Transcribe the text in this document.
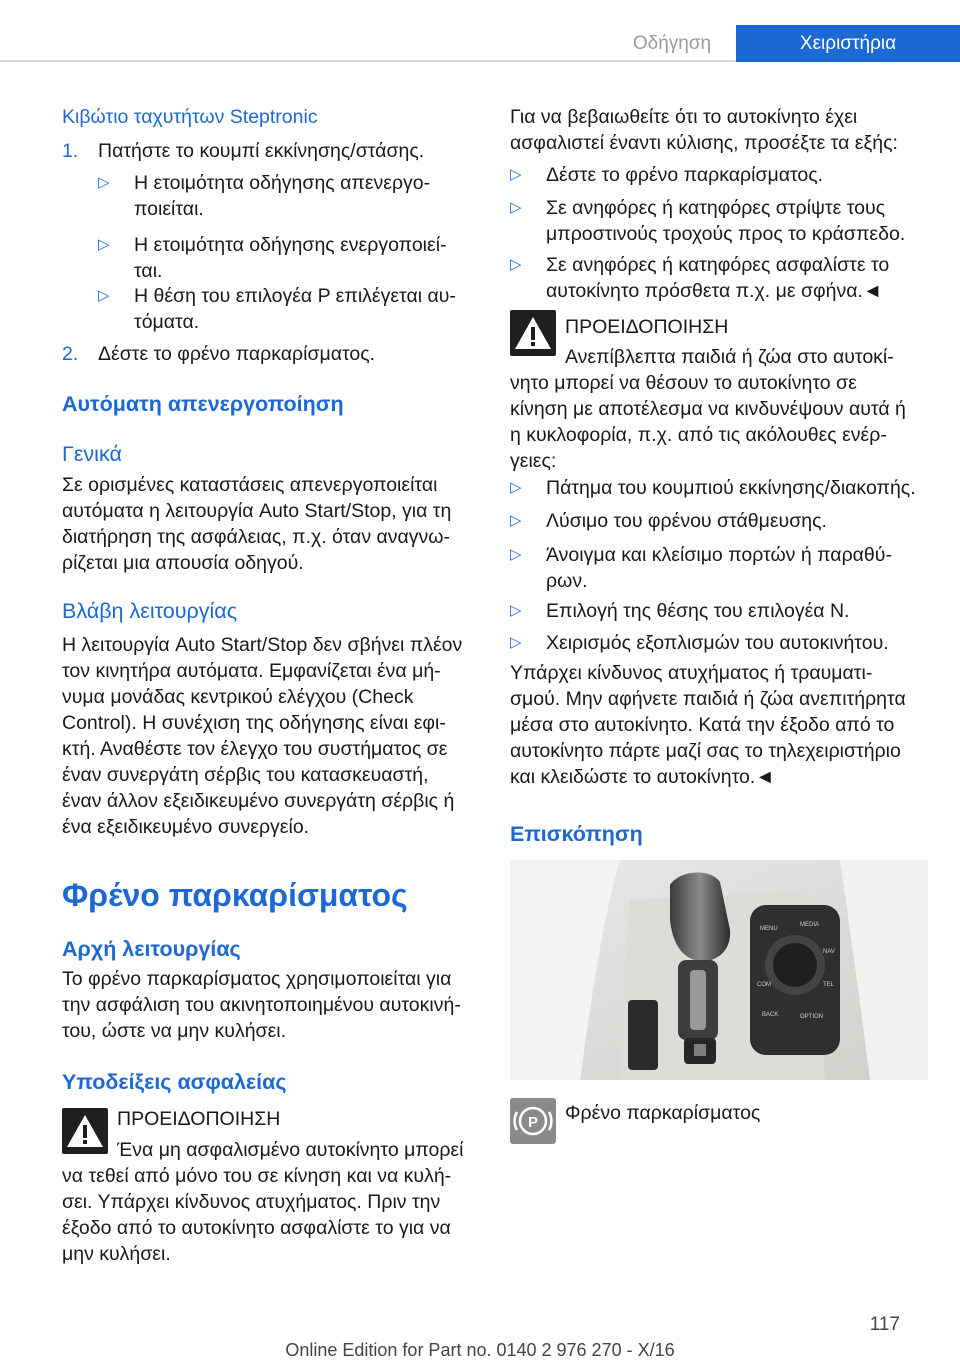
Οδήγηση	Χειριστήρια

Κιβώτιο ταχυτήτων Steptronic

1.	Πατήστε το κουμπί εκκίνησης/στάσης.

▷	Η ετοιμότητα οδήγησης απενεργο‐

ποιείται.

▷	Η ετοιμότητα οδήγησης ενεργοποιεί‐

ται.

▷	Η θέση του επιλογέα P επιλέγεται αυ‐

τόματα.

2.	Δέστε το φρένο παρκαρίσματος.

Αυτόματη απενεργοποίηση

Γενικά

Σε ορισμένες καταστάσεις απενεργοποιείται

αυτόματα η λειτουργία Auto Start/Stop, για τη

διατήρηση της ασφάλειας, π.χ. όταν αναγνω‐

ρίζεται μια απουσία οδηγού.

Βλάβη λειτουργίας

Η λειτουργία Auto Start/Stop δεν σβήνει πλέον

τον κινητήρα αυτόματα. Εμφανίζεται ένα μή‐

νυμα μονάδας κεντρικού ελέγχου (Check

Control). Η συνέχιση της οδήγησης είναι εφι‐

κτή. Αναθέστε τον έλεγχο του συστήματος σε

έναν συνεργάτη σέρβις του κατασκευαστή,

έναν άλλον εξειδικευμένο συνεργάτη σέρβις ή

ένα εξειδικευμένο συνεργείο.

Φρένο παρκαρίσματος

Αρχή λειτουργίας

Το φρένο παρκαρίσματος χρησιμοποιείται για

την ασφάλιση του ακινητοποιημένου αυτοκινή‐

του, ώστε να μην κυλήσει.

Υποδείξεις ασφαλείας

ΠΡΟΕΙΔΟΠΟΙΗΣΗ

Ένα μη ασφαλισμένο αυτοκίνητο μπορεί

να τεθεί από μόνο του σε κίνηση και να κυλή‐

σει. Υπάρχει κίνδυνος ατυχήματος. Πριν την

έξοδο από το αυτοκίνητο ασφαλίστε το για να

μην κυλήσει.

Για να βεβαιωθείτε ότι το αυτοκίνητο έχει

ασφαλιστεί έναντι κύλισης, προσέξτε τα εξής:

▷	Δέστε το φρένο παρκαρίσματος.

▷	Σε ανηφόρες ή κατηφόρες στρίψτε τους

μπροστινούς τροχούς προς το κράσπεδο.

▷	Σε ανηφόρες ή κατηφόρες ασφαλίστε το

αυτοκίνητο πρόσθετα π.χ. με σφήνα.◄

ΠΡΟΕΙΔΟΠΟΙΗΣΗ

Ανεπίβλεπτα παιδιά ή ζώα στο αυτοκί‐

νητο μπορεί να θέσουν το αυτοκίνητο σε

κίνηση με αποτέλεσμα να κινδυνέψουν αυτά ή

η κυκλοφορία, π.χ. από τις ακόλουθες ενέρ‐

γειες:

▷	Πάτημα του κουμπιού εκκίνησης/διακοπής.

▷	Λύσιμο του φρένου στάθμευσης.

▷	Άνοιγμα και κλείσιμο πορτών ή παραθύ‐

ρων.

▷	Επιλογή της θέσης του επιλογέα N.

▷	Χειρισμός εξοπλισμών του αυτοκινήτου.

Υπάρχει κίνδυνος ατυχήματος ή τραυματι‐

σμού. Μην αφήνετε παιδιά ή ζώα ανεπιτήρητα

μέσα στο αυτοκίνητο. Κατά την έξοδο από το

αυτοκίνητο πάρτε μαζί σας το τηλεχειριστήριο

και κλειδώστε το αυτοκίνητο.◄

Επισκόπηση

MENU
MEDIA
BACK	OPTION
COM
NAV
TEL
P Φρένο παρκαρίσματος

117
Online Edition for Part no. 0140 2 976 270 - X/16
